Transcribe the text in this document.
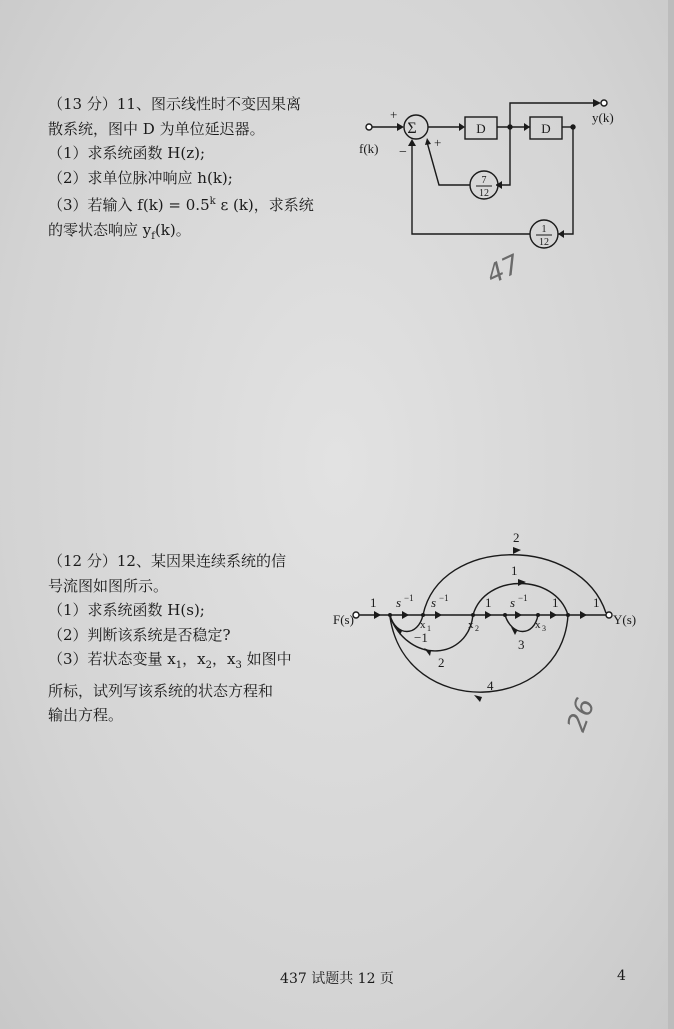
（13 分）11、图示线性时不变因果离

散系统，图中 D 为单位延迟器。

（1）求系统函数 H(z);

（2）求单位脉冲响应 h(k);

（3）若输入 $f(k) = 0.5^k$ ε (k)，求系统

的零状态响应 $y_f(k)$。

Σ
+
+
−
f(k)
y(k)
D	D
7
12
1
12

（12 分）12、某因果连续系统的信

号流图如图所示。

（1）求系统函数 H(s);

（2）判断该系统是否稳定?

（3）若状态变量 $x_1$，$x_2$，$x_3$ 如图中

所标，试列写该系统的状态方程和

输出方程。

F(s)	Y(s)
1 s −1 s −1	1 s −1 1	1
x 1	x 2	x 3
2
1
−1	3
2
4
47
26
437 试题共 12 页	4
